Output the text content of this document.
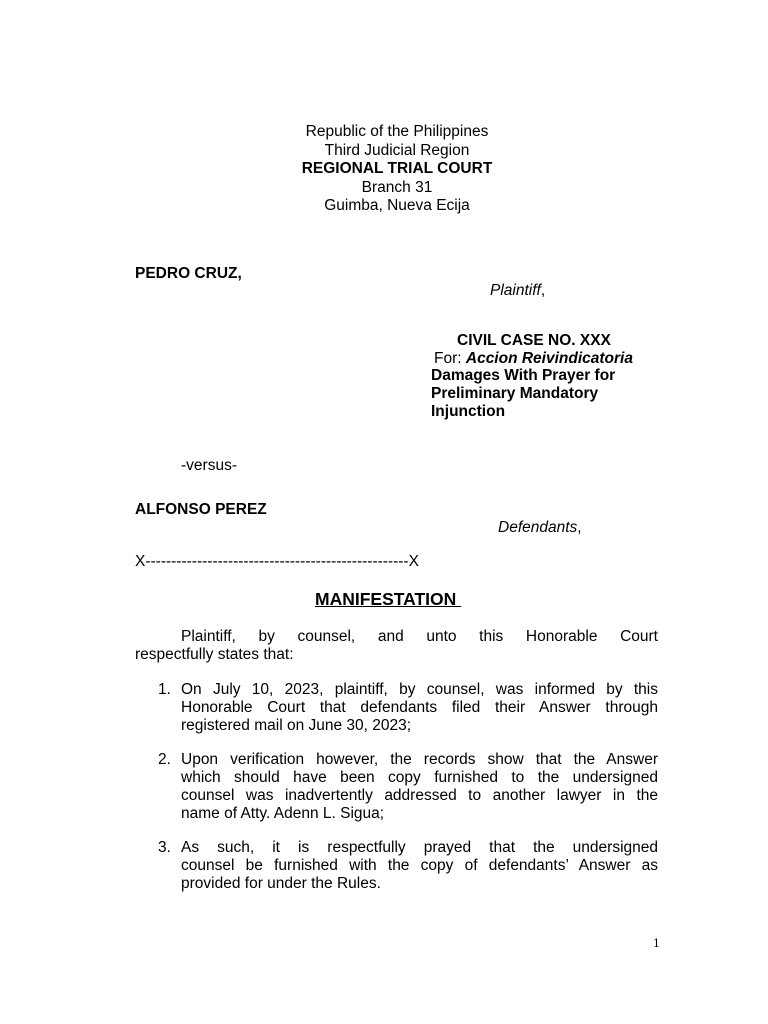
Republic of the Philippines
Third Judicial Region
REGIONAL TRIAL COURT
Branch 31
Guimba, Nueva Ecija
PEDRO CRUZ,
Plaintiff,
CIVIL CASE NO. XXX
For: Accion Reivindicatoria
Damages With Prayer for
Preliminary Mandatory
Injunction
-versus-
ALFONSO PEREZ
Defendants,
X---------------------------------------------------X
MANIFESTATION
Plaintiff, by counsel, and unto this Honorable Court
respectfully states that:
1. On July 10, 2023, plaintiff, by counsel, was informed by this
Honorable Court that defendants filed their Answer through
registered mail on June 30, 2023;
2. Upon verification however, the records show that the Answer
which should have been copy furnished to the undersigned
counsel was inadvertently addressed to another lawyer in the
name of Atty. Adenn L. Sigua;
3. As such, it is respectfully prayed that the undersigned
counsel be furnished with the copy of defendants’ Answer as
provided for under the Rules.
1
